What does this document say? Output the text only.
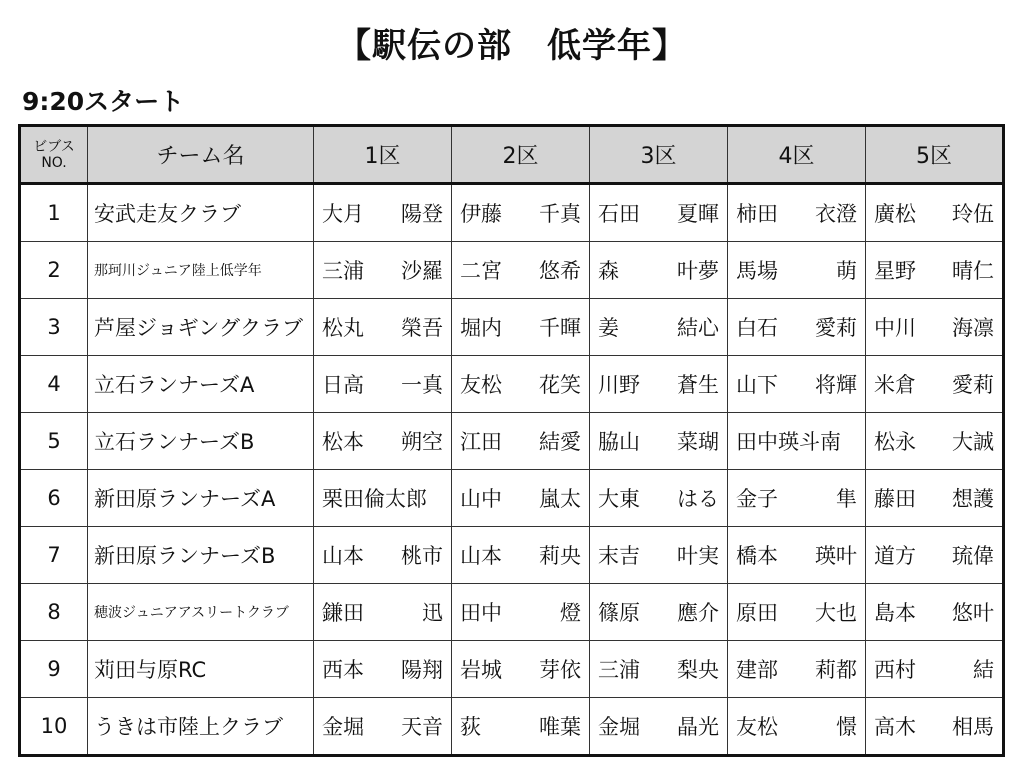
【駅伝の部　低学年】
9:20スタート
ビブス
NO.	チーム名	1区	2区	3区	4区	5区
1	安武走友クラブ	大月 陽登	伊藤 千真	石田 夏暉	柿田 衣澄	廣松 玲伍

2	那珂川ジュニア陸上低学年	三浦 沙羅	二宮 悠希	森 叶夢	馬場 萌	星野 晴仁

3	芦屋ジョギングクラブ	松丸 榮吾	堀内 千暉	姜 結心	白石 愛莉	中川 海凛

4	立石ランナーズA	日高 一真	友松 花笑	川野 蒼生	山下 将輝	米倉 愛莉

5	立石ランナーズB	松本 朔空	江田 結愛	脇山 菜瑚	田中瑛斗南	松永 大誠

6	新田原ランナーズA	栗田倫太郎	山中 嵐太	大東 はる	金子 隼	藤田 想護

7	新田原ランナーズB	山本 桃市	山本 莉央	末吉 叶実	橋本 瑛叶	道方 琉偉

8	穂波ジュニアアスリートクラブ	鎌田 迅	田中 燈	篠原 應介	原田 大也	島本 悠叶

9	苅田与原RC	西本 陽翔	岩城 芽依	三浦 梨央	建部 莉都	西村 結

10	うきは市陸上クラブ	金堀 天音	荻 唯葉	金堀 晶光	友松 憬	高木 相馬
